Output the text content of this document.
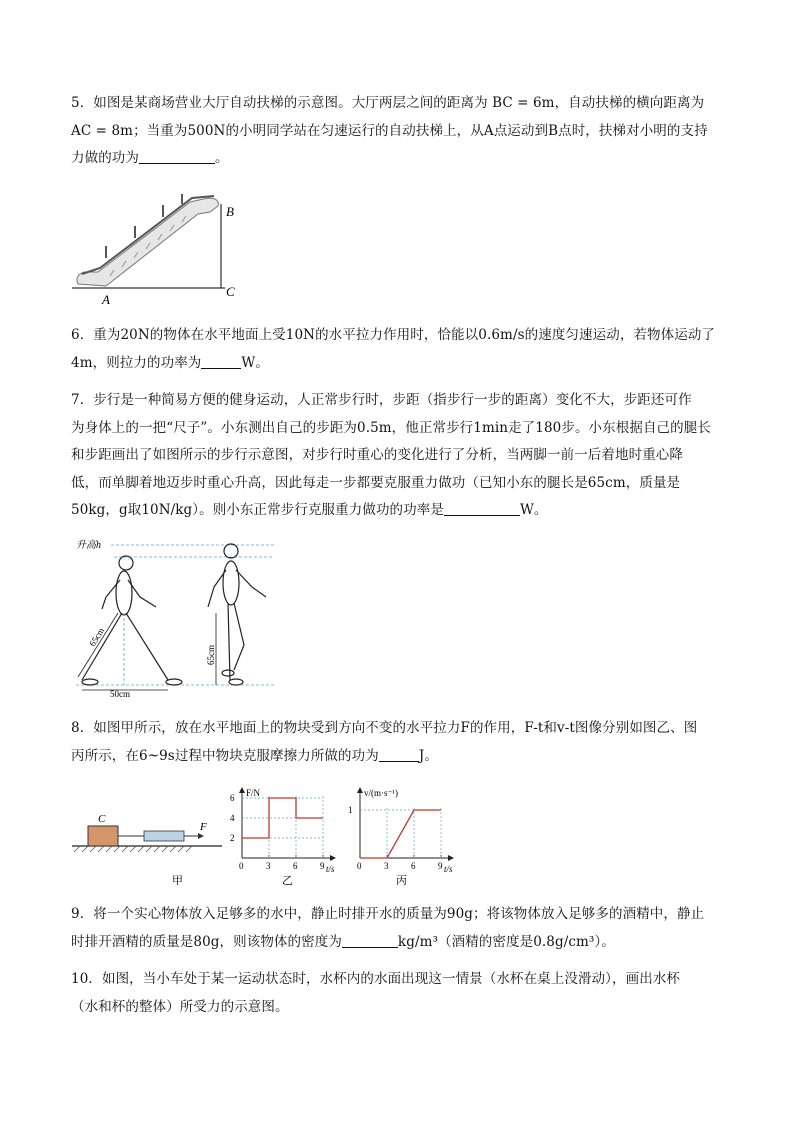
5．如图是某商场营业大厅自动扶梯的示意图。大厅两层之间的距离为 BC = 6m，自动扶梯的横向距离为
AC = 8m；当重为500N的小明同学站在匀速运行的自动扶梯上，从A点运动到B点时，扶梯对小明的支持
力做的功为	。
A
B
C
6．重为20N的物体在水平地面上受10N的水平拉力作用时，恰能以0.6m/s的速度匀速运动，若物体运动了
4m，则拉力的功率为	W。
7．步行是一种简易方便的健身运动，人正常步行时，步距（指步行一步的距离）变化不大，步距还可作
为身体上的一把“尺子”。小东测出自己的步距为0.5m，他正常步行1min走了180步。小东根据自己的腿长
和步距画出了如图所示的步行示意图，对步行时重心的变化进行了分析，当两脚一前一后着地时重心降
低，而单脚着地迈步时重心升高，因此每走一步都要克服重力做功（已知小东的腿长是65cm，质量是
50kg，g取10N/kg）。则小东正常步行克服重力做功的功率是	W。
升高h
65cm
50cm
65cm
8．如图甲所示，放在水平地面上的物块受到方向不变的水平拉力F的作用，F-t和v-t图像分别如图乙、图
丙所示，在6~9s过程中物块克服摩擦力所做的功为	J。
C
F
甲
F/N
t/s
0	3	6	9
6
4
2
乙
v/(m·s⁻¹)
t/s
0	3	6	9
1
丙
9．将一个实心物体放入足够多的水中，静止时排开水的质量为90g；将该物体放入足够多的酒精中，静止
时排开酒精的质量是80g，则该物体的密度为	kg/m³（酒精的密度是0.8g/cm³）。
10．如图，当小车处于某一运动状态时，水杯内的水面出现这一情景（水杯在桌上没滑动），画出水杯
（水和杯的整体）所受力的示意图。
